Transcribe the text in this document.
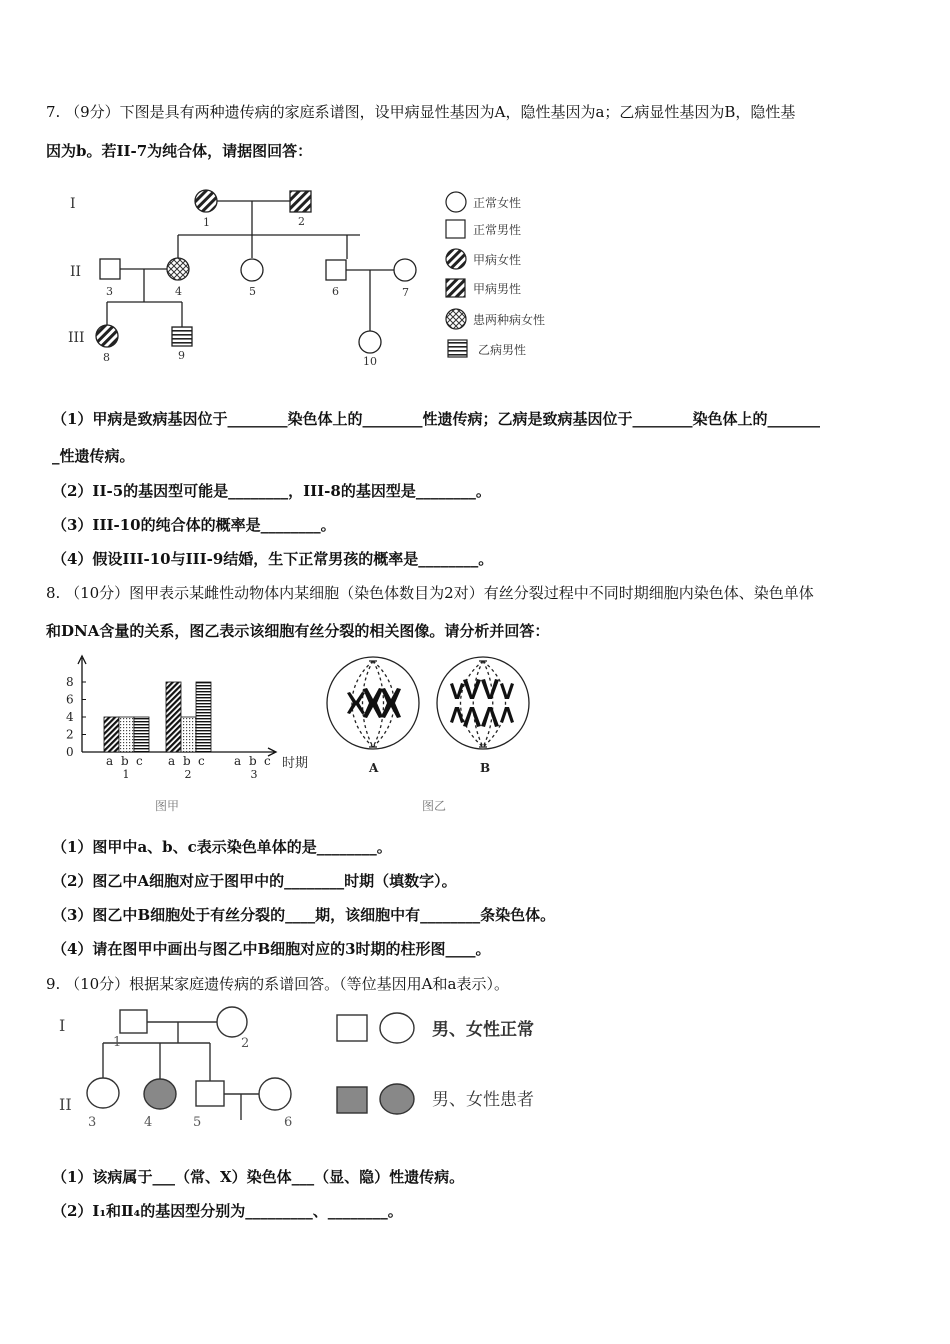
7. （9分）下图是具有两种遗传病的家庭系谱图，设甲病显性基因为A，隐性基因为a；乙病显性基因为B，隐性基
因为b。若II-7为纯合体，请据图回答：
I
II
III
1	2
3	4	5	6	7
8	9	10
正常女性
正常男性
甲病女性
甲病男性
患两种病女性
乙病男性
（1）甲病是致病基因位于________染色体上的________性遗传病；乙病是致病基因位于________染色体上的_______
_性遗传病。
（2）II-5的基因型可能是________，III-8的基因型是________。
（3）III-10的纯合体的概率是________。
（4）假设III-10与III-9结婚，生下正常男孩的概率是________。
8. （10分）图甲表示某雌性动物体内某细胞（染色体数目为2对）有丝分裂过程中不同时期细胞内染色体、染色单体
和DNA含量的关系，图乙表示该细胞有丝分裂的相关图像。请分析并回答：
0
2
4
6
8
a b c
1
a b c
2
a b c
3
时期
图甲
A	B
图乙
（1）图甲中a、b、c表示染色单体的是________。
（2）图乙中A细胞对应于图甲中的________时期（填数字）。
（3）图乙中B细胞处于有丝分裂的____期，该细胞中有________条染色体。
（4）请在图甲中画出与图乙中B细胞对应的3时期的柱形图____。
9. （10分）根据某家庭遗传病的系谱回答。（等位基因用A和a表示）。
I
II
1	2
3	4	5	6
男、女性正常
男、女性患者
（1）该病属于___（常、X）染色体___（显、隐）性遗传病。
（2）Ⅰ₁和Ⅱ₄的基因型分别为_________、________。
